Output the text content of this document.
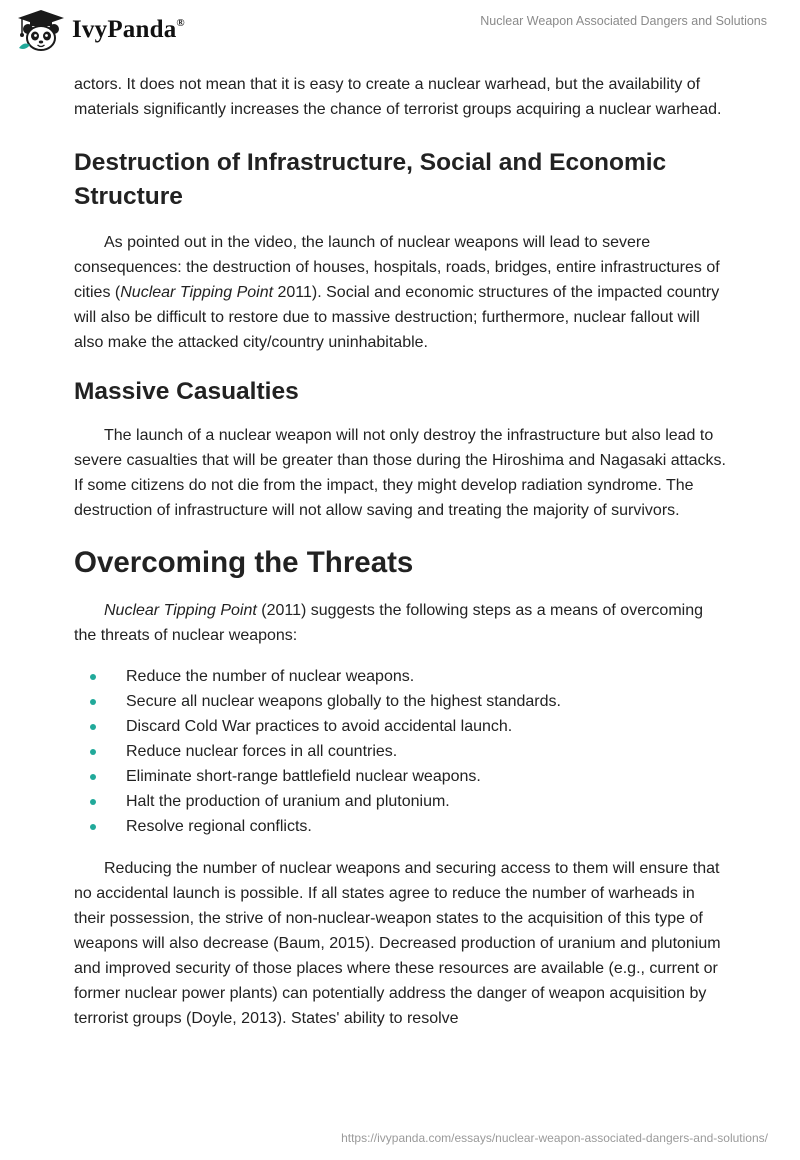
IvyPanda®	Nuclear Weapon Associated Dangers and Solutions

actors. It does not mean that it is easy to create a nuclear warhead, but the availability of materials significantly increases the chance of terrorist groups acquiring a nuclear warhead.

Destruction of Infrastructure, Social and Economic Structure

As pointed out in the video, the launch of nuclear weapons will lead to severe consequences: the destruction of houses, hospitals, roads, bridges, entire infrastructures of cities (Nuclear Tipping Point 2011). Social and economic structures of the impacted country will also be difficult to restore due to massive destruction; furthermore, nuclear fallout will also make the attacked city/country uninhabitable.

Massive Casualties

The launch of a nuclear weapon will not only destroy the infrastructure but also lead to severe casualties that will be greater than those during the Hiroshima and Nagasaki attacks. If some citizens do not die from the impact, they might develop radiation syndrome. The destruction of infrastructure will not allow saving and treating the majority of survivors.

Overcoming the Threats

Nuclear Tipping Point (2011) suggests the following steps as a means of overcoming the threats of nuclear weapons:

Reduce the number of nuclear weapons.
Secure all nuclear weapons globally to the highest standards.
Discard Cold War practices to avoid accidental launch.
Reduce nuclear forces in all countries.
Eliminate short-range battlefield nuclear weapons.
Halt the production of uranium and plutonium.
Resolve regional conflicts.

Reducing the number of nuclear weapons and securing access to them will ensure that no accidental launch is possible. If all states agree to reduce the number of warheads in their possession, the strive of non-nuclear-weapon states to the acquisition of this type of weapons will also decrease (Baum, 2015). Decreased production of uranium and plutonium and improved security of those places where these resources are available (e.g., current or former nuclear power plants) can potentially address the danger of weapon acquisition by terrorist groups (Doyle, 2013). States' ability to resolve

https://ivypanda.com/essays/nuclear-weapon-associated-dangers-and-solutions/
